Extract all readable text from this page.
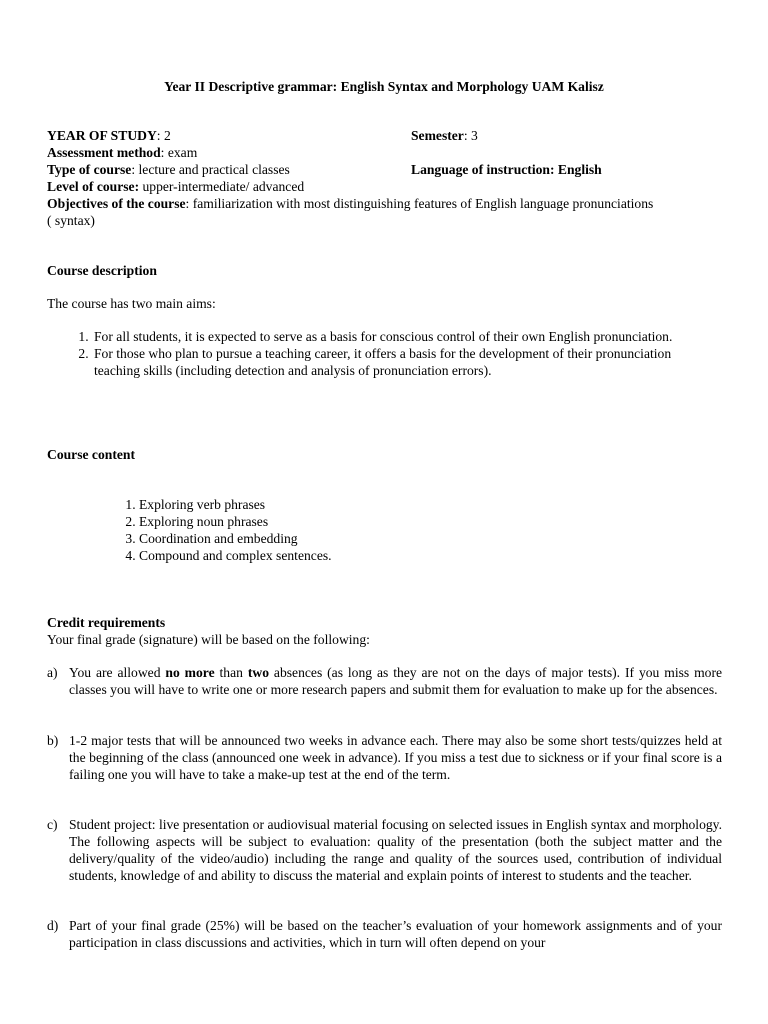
Year II Descriptive grammar: English Syntax and Morphology UAM Kalisz
YEAR OF STUDY: 2	Semester: 3
Assessment method: exam
Type of course: lecture and practical classes	Language of instruction: English
Level of course: upper-intermediate/ advanced
Objectives of the course: familiarization with most distinguishing features of English language pronunciations ( syntax)
Course description
The course has two main aims:
1. For all students, it is expected to serve as a basis for conscious control of their own English pronunciation.
2. For those who plan to pursue a teaching career, it offers a basis for the development of their pronunciation teaching skills (including detection and analysis of pronunciation errors).
Course content
1. Exploring verb phrases
2. Exploring noun phrases
3. Coordination and embedding
4. Compound and complex sentences.
Credit requirements
Your final grade (signature) will be based on the following:
a) You are allowed no more than two absences (as long as they are not on the days of major tests). If you miss more classes you will have to write one or more research papers and submit them for evaluation to make up for the absences.
b) 1-2 major tests that will be announced two weeks in advance each. There may also be some short tests/quizzes held at the beginning of the class (announced one week in advance). If you miss a test due to sickness or if your final score is a failing one you will have to take a make-up test at the end of the term.
c) Student project: live presentation or audiovisual material focusing on selected issues in English syntax and morphology. The following aspects will be subject to evaluation: quality of the presentation (both the subject matter and the delivery/quality of the video/audio) including the range and quality of the sources used, contribution of individual students, knowledge of and ability to discuss the material and explain points of interest to students and the teacher.
d) Part of your final grade (25%) will be based on the teacher’s evaluation of your homework assignments and of your participation in class discussions and activities, which in turn will often depend on your
